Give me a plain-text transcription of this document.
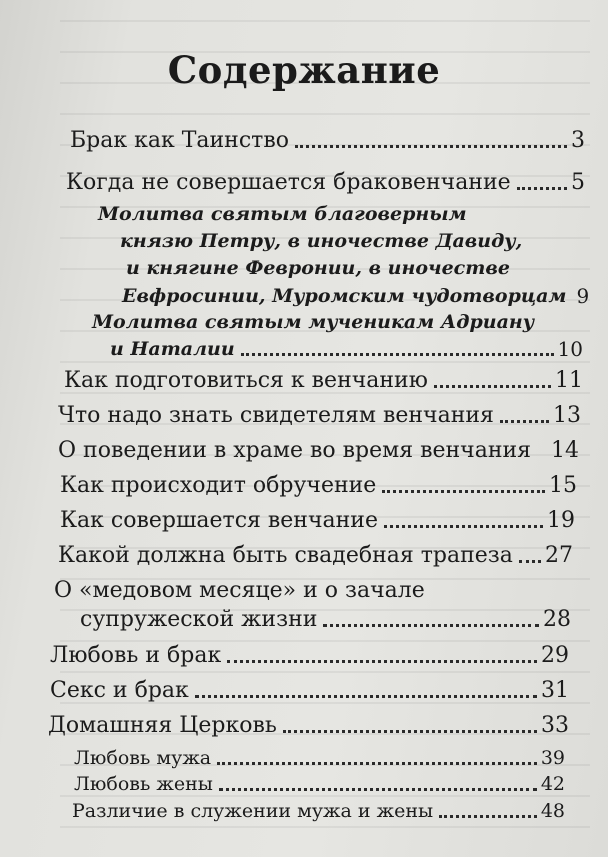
Содержание
Брак как Таинство	3
Когда не совершается браковенчание	5
Молитва святым благоверным
князю Петру, в иночестве Давиду,
и княгине Февронии, в иночестве
Евфросинии, Муромским чудотворцам 9
Молитва святым мученикам Адриану
и Наталии	10
Как подготовиться к венчанию	11
Что надо знать свидетелям венчания	13
О поведении в храме во время венчания 14
Как происходит обручение	15
Как совершается венчание	19
Какой должна быть свадебная трапеза 27
О «медовом месяце» и о зачале
супружеской жизни	28
Любовь и брак	29
Секс и брак	31
Домашняя Церковь	33
Любовь мужа	39
Любовь жены	42
Различие в служении мужа и жены	48
